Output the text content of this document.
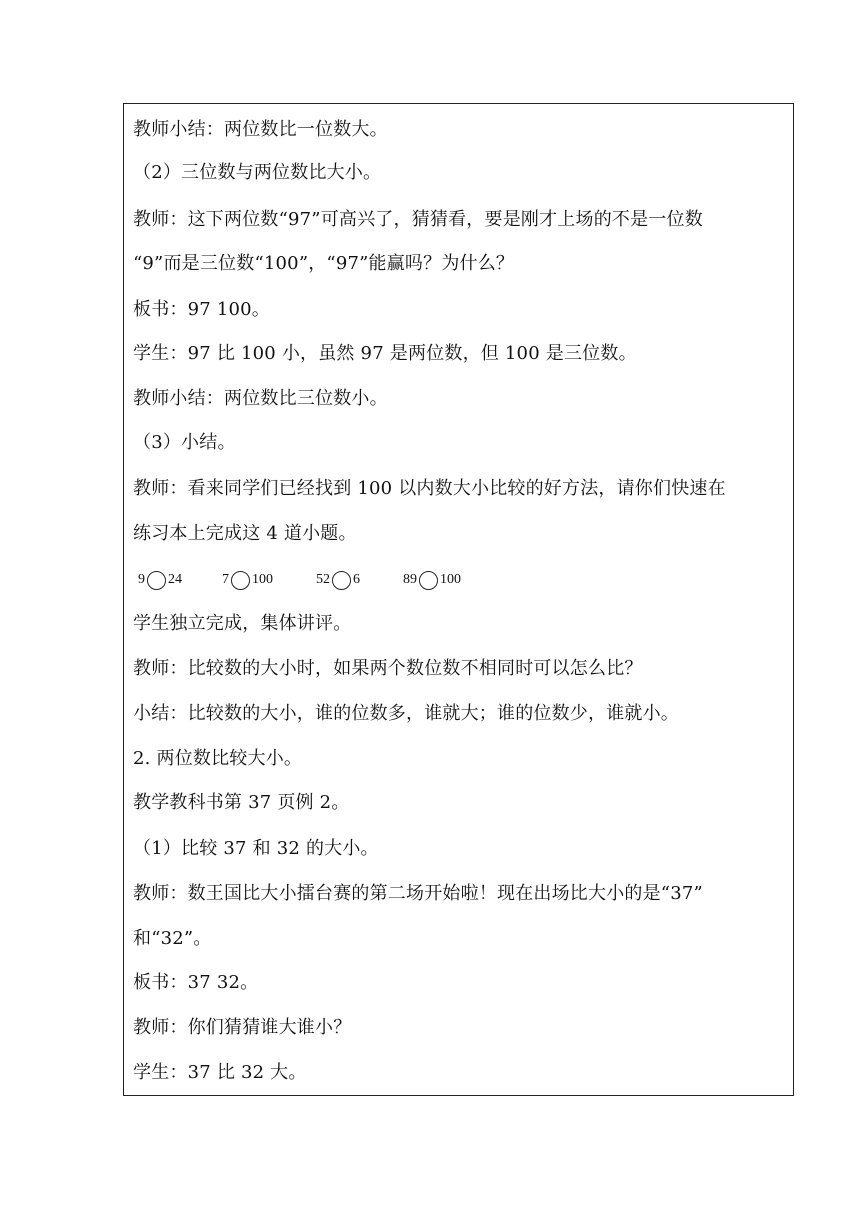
教师小结：两位数比一位数大。
（2）三位数与两位数比大小。
教师：这下两位数“97”可高兴了，猜猜看，要是刚才上场的不是一位数
“9”而是三位数“100”，“97”能赢吗？为什么？
板书：97 100。
学生：97 比 100 小，虽然 97 是两位数，但 100 是三位数。
教师小结：两位数比三位数小。
（3）小结。
教师：看来同学们已经找到 100 以内数大小比较的好方法，请你们快速在
练习本上完成这 4 道小题。
9 24	7 100	52 6	89 100
学生独立完成，集体讲评。
教师：比较数的大小时，如果两个数位数不相同时可以怎么比？
小结：比较数的大小，谁的位数多，谁就大；谁的位数少，谁就小。
2. 两位数比较大小。
教学教科书第 37 页例 2。
（1）比较 37 和 32 的大小。
教师：数王国比大小擂台赛的第二场开始啦！现在出场比大小的是“37”
和“32”。
板书：37 32。
教师：你们猜猜谁大谁小？
学生：37 比 32 大。
